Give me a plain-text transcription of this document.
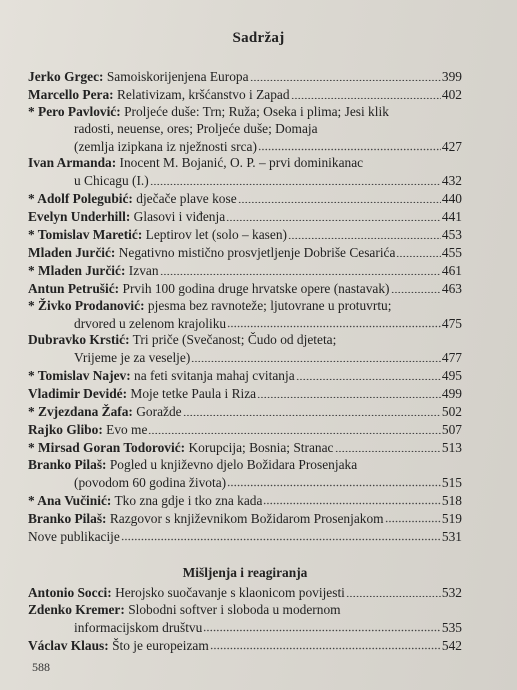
Sadržaj
Jerko Grgec: Samoiskorijenjena Europa	399
Marcello Pera: Relativizam, kršćanstvo i Zapad	402
* Pero Pavlović: Proljeće duše: Trn; Ruža; Oseka i plima; Jesi klik
radosti, neuense, ores; Proljeće duše; Domaja
(zemlja izipkana iz nježnosti srca)	427
Ivan Armanda: Inocent M. Bojanić, O. P. – prvi dominikanac
u Chicagu (I.)	432
* Adolf Polegubić: dječače plave kose	440
Evelyn Underhill: Glasovi i viđenja	441
* Tomislav Maretić: Leptirov let (solo – kasen)	453
Mladen Jurčić: Negativno mistično prosvjetljenje Dobriše Cesarića	455
* Mladen Jurčić: Izvan	461
Antun Petrušić: Prvih 100 godina druge hrvatske opere (nastavak)	463
* Živko Prodanović: pjesma bez ravnoteže; ljutovrane u protuvrtu;
drvored u zelenom krajoliku	475
Dubravko Krstić: Tri priče (Svečanost; Čudo od djeteta;
Vrijeme je za veselje)	477
* Tomislav Najev: na feti svitanja mahaj cvitanja	495
Vladimir Devidé: Moje tetke Paula i Riza	499
* Zvjezdana Žafa: Goražde	502
Rajko Glibo: Evo me	507
* Mirsad Goran Todorović: Korupcija; Bosnia; Stranac	513
Branko Pilaš: Pogled u književno djelo Božidara Prosenjaka
(povodom 60 godina života)	515
* Ana Vučinić: Tko zna gdje i tko zna kada	518
Branko Pilaš: Razgovor s književnikom Božidarom Prosenjakom	519
Nove publikacije	531
Mišljenja i reagiranja
Antonio Socci: Herojsko suočavanje s klaonicom povijesti	532
Zdenko Kremer: Slobodni softver i sloboda u modernom
informacijskom društvu	535
Václav Klaus: Što je europeizam	542
588
